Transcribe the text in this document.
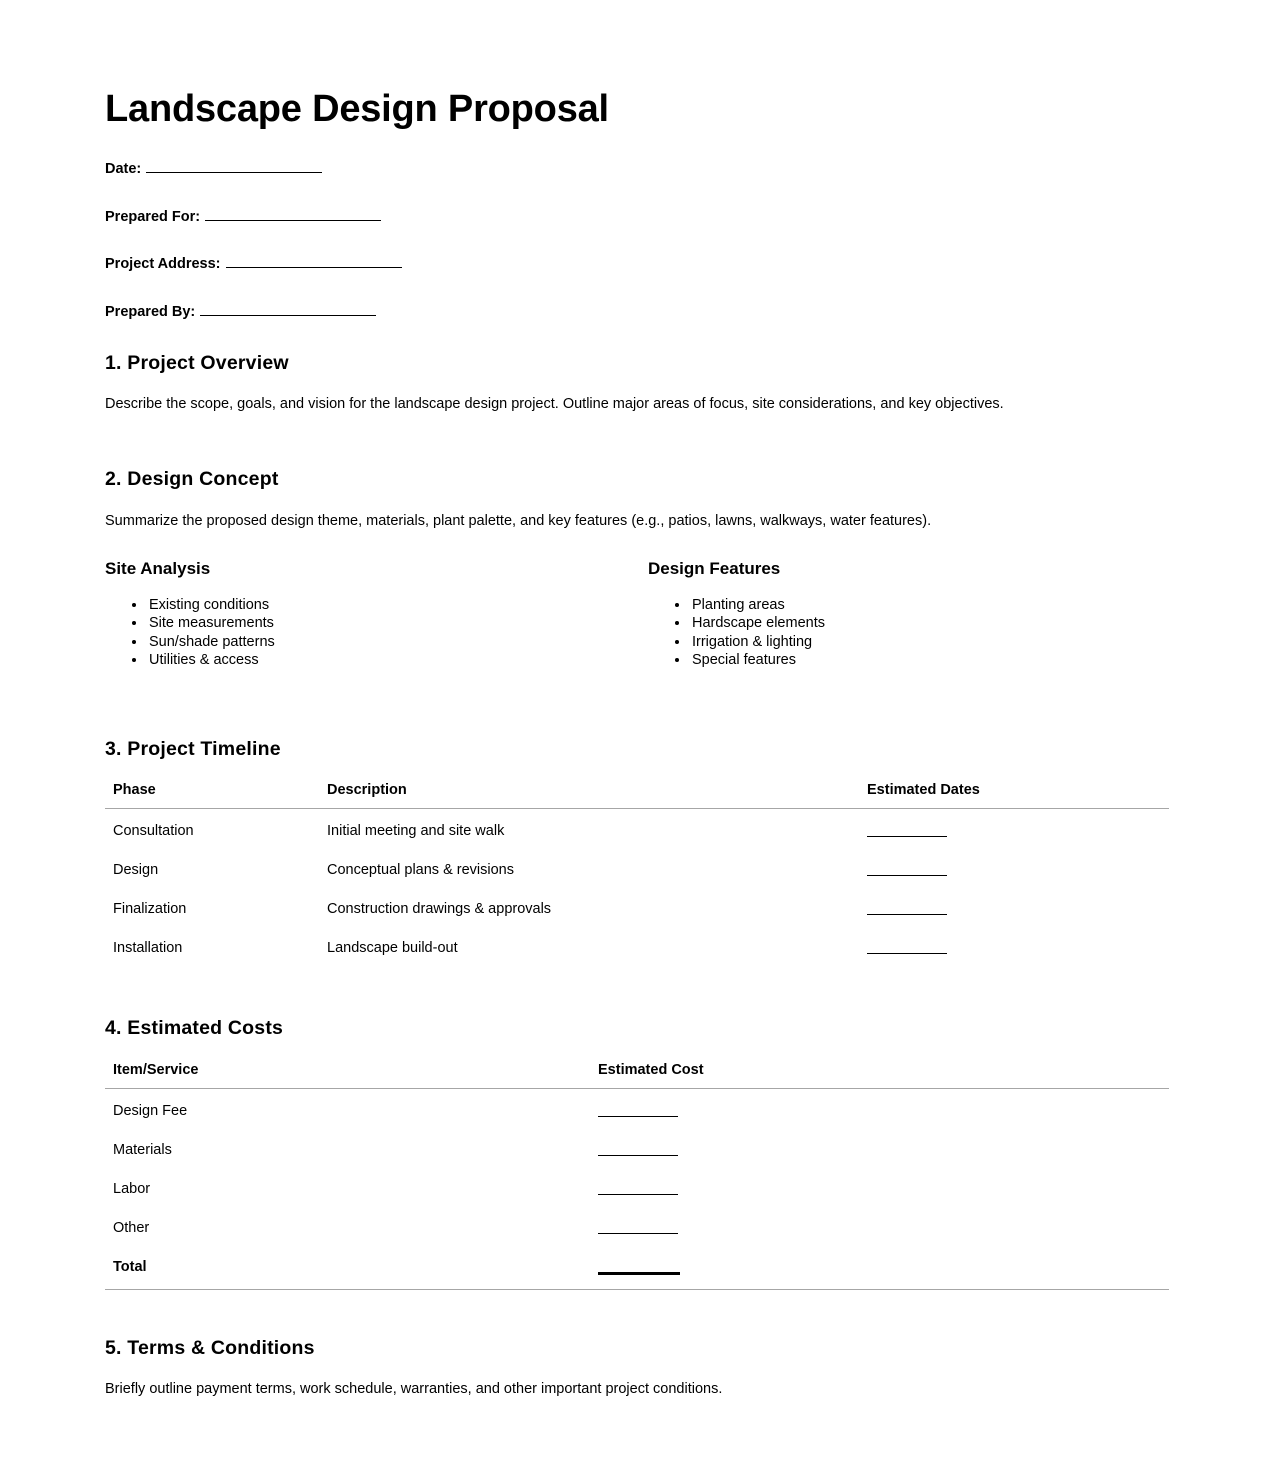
Landscape Design Proposal
Date:
Prepared For:
Project Address:
Prepared By:
1. Project Overview

Describe the scope, goals, and vision for the landscape design project. Outline major areas of focus, site considerations, and key objectives.

2. Design Concept

Summarize the proposed design theme, materials, plant palette, and key features (e.g., patios, lawns, walkways, water features).

Site Analysis
• Existing conditions
• Site measurements
• Sun/shade patterns
• Utilities & access
Design Features
• Planting areas
• Hardscape elements
• Irrigation & lighting
• Special features
3. Project Timeline
Phase	Description	Estimated Dates
Consultation	Initial meeting and site walk	

Design	Conceptual plans & revisions	

Finalization	Construction drawings & approvals	

Installation	Landscape build-out	
4. Estimated Costs
Item/Service	Estimated Cost
Design Fee	

Materials	

Labor	

Other	

Total	
5. Terms & Conditions

Briefly outline payment terms, work schedule, warranties, and other important project conditions.
